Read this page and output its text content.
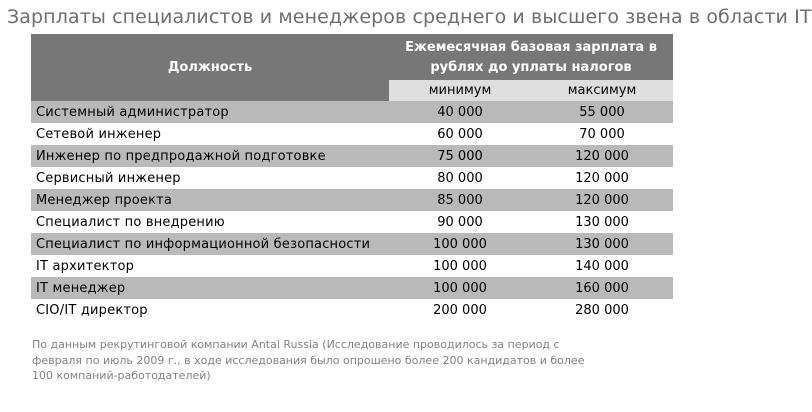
Зарплаты специалистов и менеджеров среднего и высшего звена в области IT
Должность	Ежемесячная базовая зарплата в
рублях до уплаты налогов	

	минимум	максимум
Системный администратор	40 000	55 000
Сетевой инженер	60 000	70 000
Инженер по предпродажной подготовке	75 000	120 000
Сервисный инженер	80 000	120 000
Менеджер проекта	85 000	120 000
Специалист по внедрению	90 000	130 000
Специалист по информационной безопасности	100 000	130 000
IT архитектор	100 000	140 000
IT менеджер	100 000	160 000
CIO/IT директор	200 000	280 000
По данным рекрутинговой компании Antal Russia (Исследование проводилось за период с февраля по июль 2009 г., в ходе исследования было опрошено более 200 кандидатов и более 100 компаний-работодателей)
